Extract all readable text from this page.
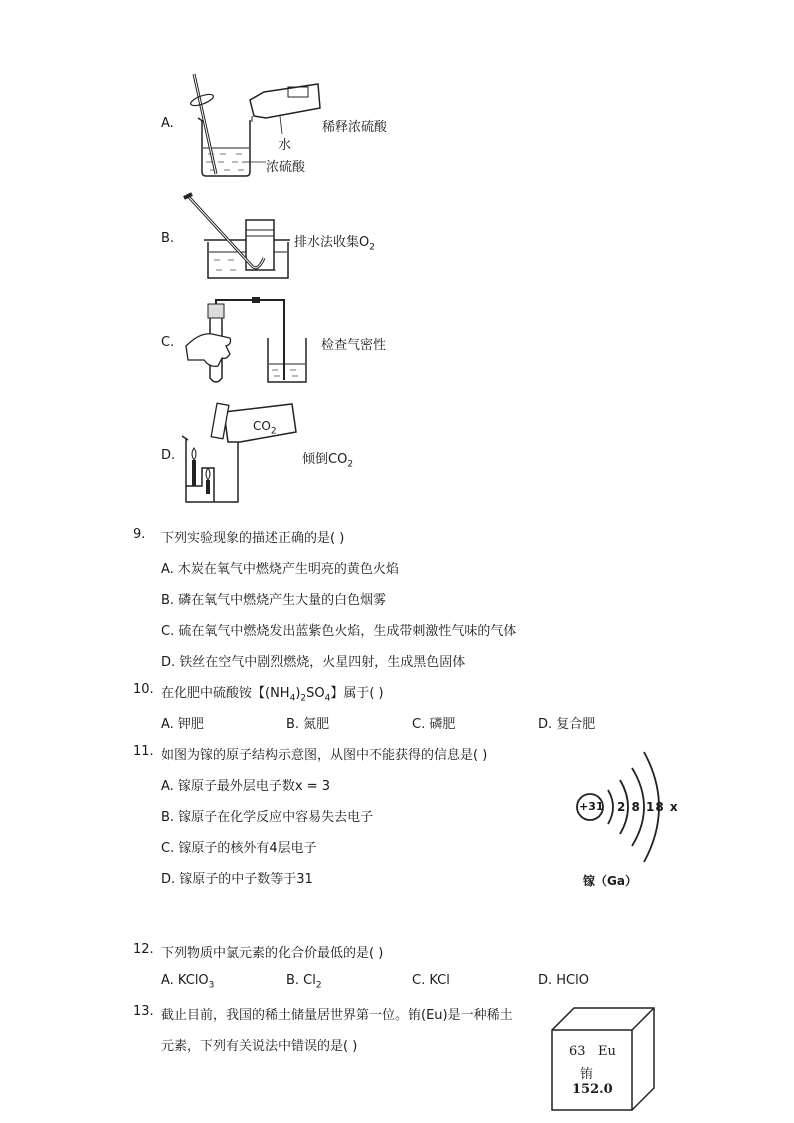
A.	稀释浓硫酸
水
浓硫酸
B.	排水法收集$O_2$
C.	检查气密性
D.
$CO_2$
倾倒$CO_2$
9. 下列实验现象的描述正确的是( )
A. 木炭在氧气中燃烧产生明亮的黄色火焰
B. 磷在氧气中燃烧产生大量的白色烟雾
C. 硫在氧气中燃烧发出蓝紫色火焰，生成带刺激性气味的气体
D. 铁丝在空气中剧烈燃烧，火星四射，生成黑色固体
10. 在化肥中硫酸铵【$(NH_4)_2SO_4$】属于( )
A. 钾肥	B. 氮肥	C. 磷肥	D. 复合肥
11. 如图为镓的原子结构示意图，从图中不能获得的信息是( )
A. 镓原子最外层电子数x = 3
B. 镓原子在化学反应中容易失去电子
C. 镓原子的核外有4层电子
D. 镓原子的中子数等于31
+31 2 8 18 x
镓（Ga）
12. 下列物质中氯元素的化合价最低的是( )
A. KClO$_3$	B. $Cl_2$	C. KCl	D. HClO
13. 截止目前，我国的稀土储量居世界第一位。铕(Eu)是一种稀土
元素，下列有关说法中错误的是( )	63 Eu
铕
152.0
